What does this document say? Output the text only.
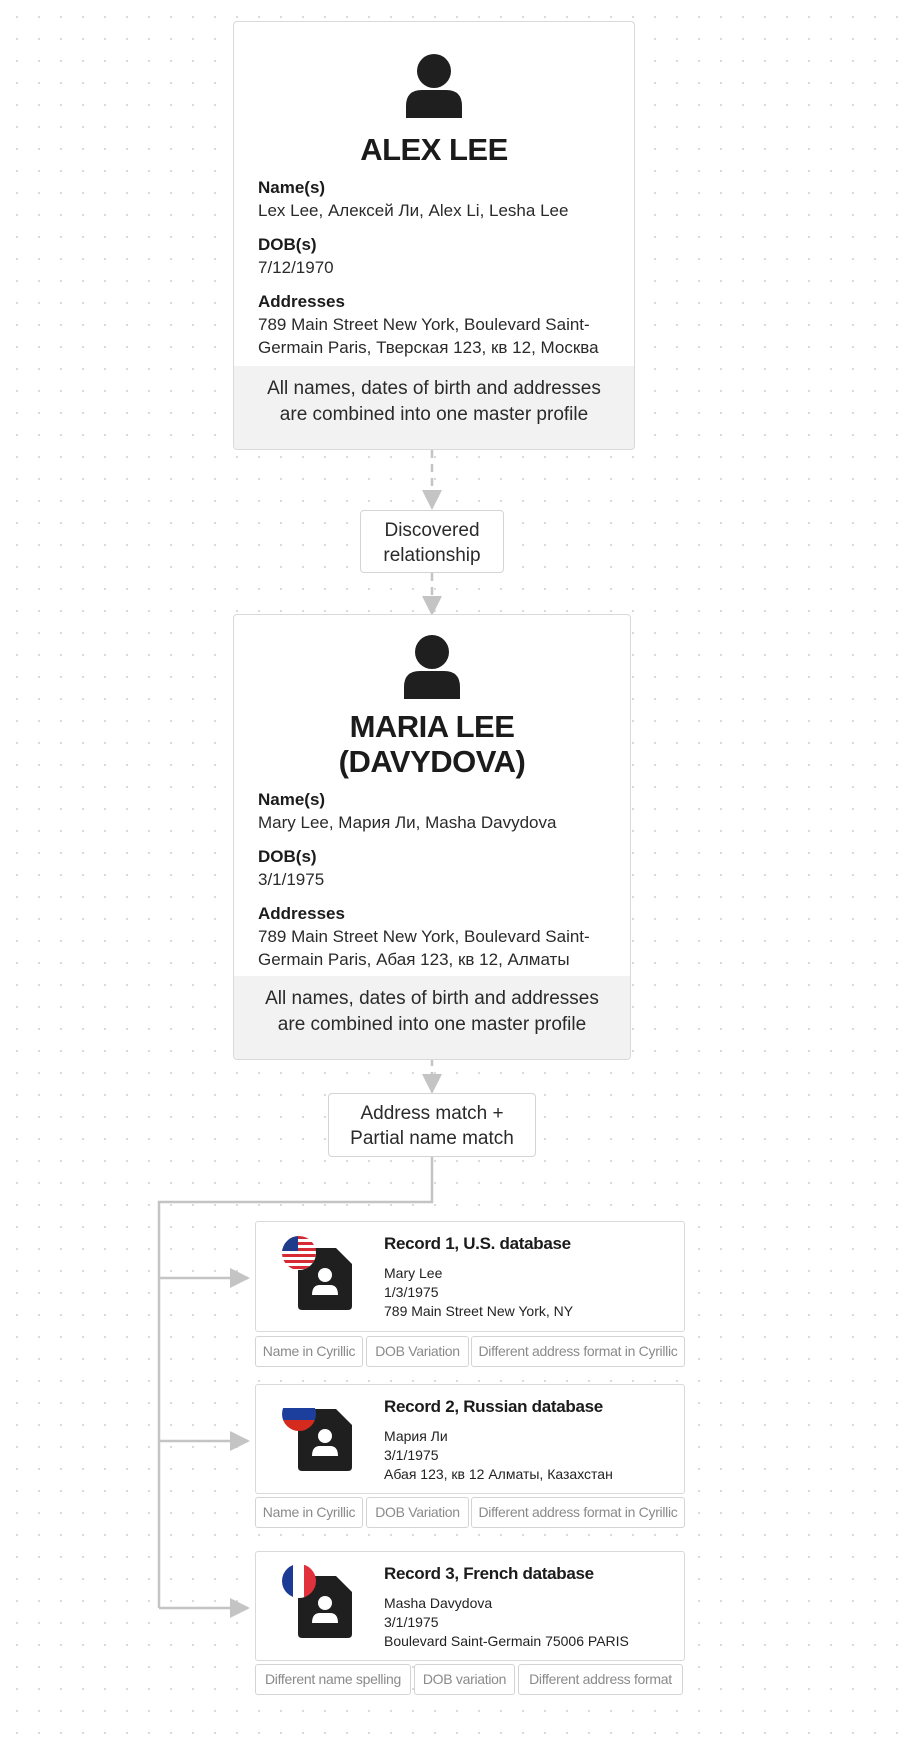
ALEX LEE
Name(s)
Lex Lee, Алексей Ли, Alex Li, Lesha Lee
DOB(s)
7/12/1970
Addresses
789 Main Street New York, Boulevard Saint-
Germain Paris, Тверская 123, кв 12, Москва
All names, dates of birth and addresses
are combined into one master profile
Discovered
relationship
MARIA LEE
(DAVYDOVA)
Name(s)
Mary Lee, Мария Ли, Masha Davydova
DOB(s)
3/1/1975
Addresses
789 Main Street New York, Boulevard Saint-
Germain Paris, Абая 123, кв 12, Алматы
All names, dates of birth and addresses
are combined into one master profile
Address match +
Partial name match
Record 1, U.S. database
Mary Lee
1/3/1975
789 Main Street New York, NY
Name in Cyrillic	DOB Variation	Different address format in Cyrillic
Record 2, Russian database
Мария Ли
3/1/1975
Абая 123, кв 12 Алматы, Казахстан
Name in Cyrillic	DOB Variation	Different address format in Cyrillic
Record 3, French database
Masha Davydova
3/1/1975
Boulevard Saint-Germain 75006 PARIS
Different name spelling	DOB variation	Different address format
